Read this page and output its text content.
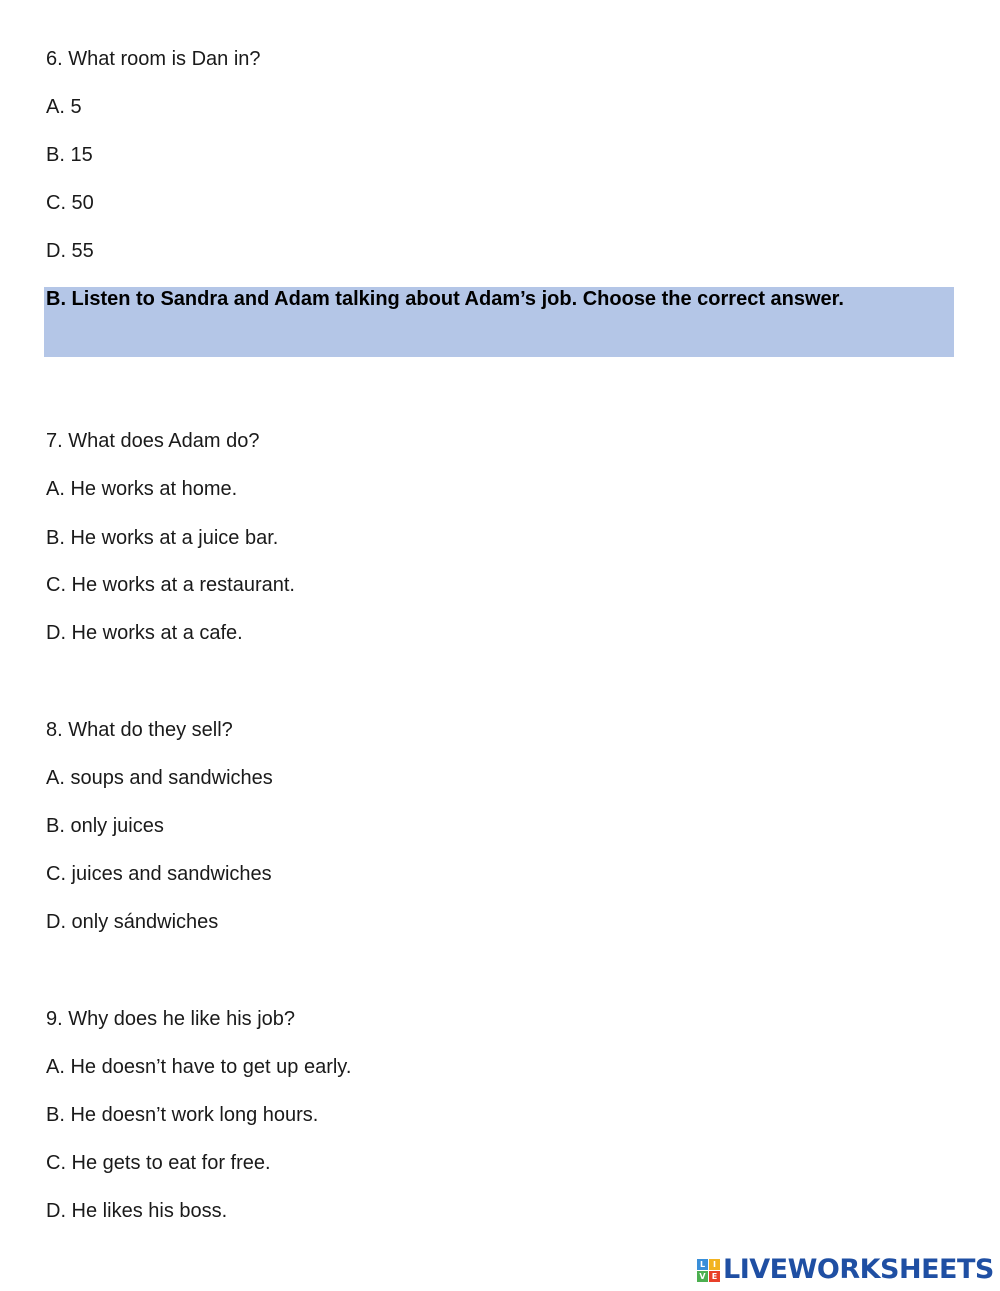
6. What room is Dan in?
A. 5
B. 15
C. 50
D. 55
B. Listen to Sandra and Adam talking about Adam’s job. Choose the correct answer.
7. What does Adam do?
A. He works at home.
B. He works at a juice bar.
C. He works at a restaurant.
D. He works at a cafe.
8. What do they sell?
A. soups and sandwiches
B. only juices
C. juices and sandwiches
D. only sándwiches
9. Why does he like his job?
A. He doesn’t have to get up early.
B. He doesn’t work long hours.
C. He gets to eat for free.
D. He likes his boss.
L I
V E LIVEWORKSHEETS
